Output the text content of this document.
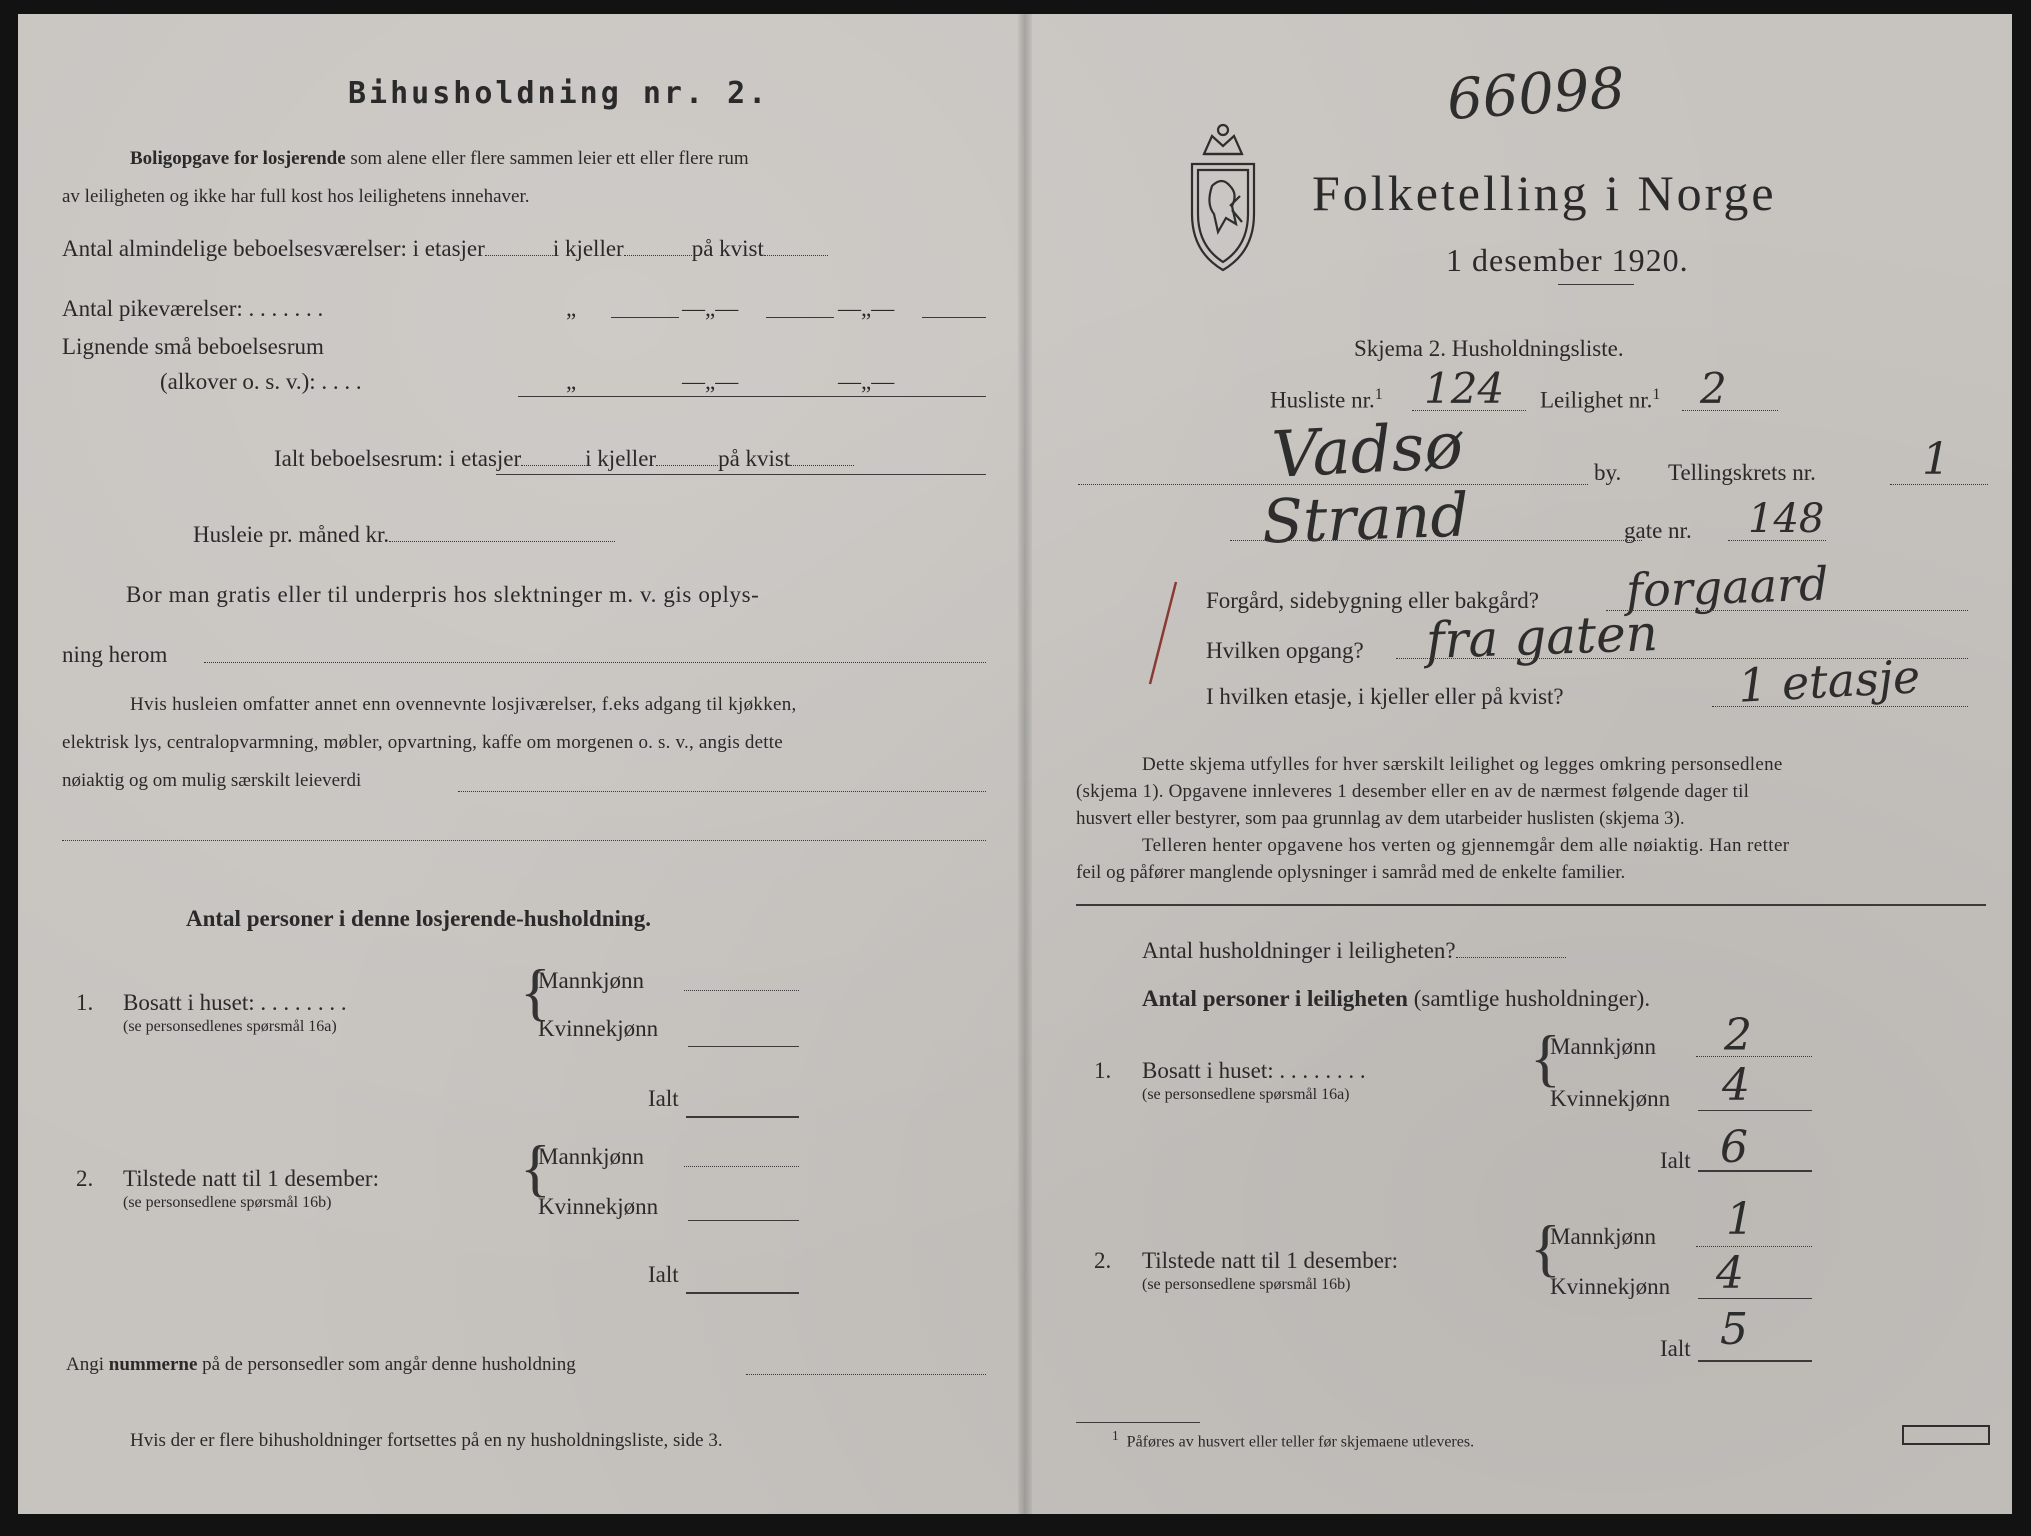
Bihusholdning nr. 2.
Boligopgave for losjerende som alene eller flere sammen leier ett eller flere rum
av leiligheten og ikke har full kost hos leilighetens innehaver.
Antal almindelige beboelsesværelser: i etasjer	i kjeller	på kvist
Antal pikeværelser: . . . . . . .	„	—„—	—„—
Lignende små beboelsesrum
(alkover o. s. v.): . . . .	„	—„—	—„—
Ialt beboelsesrum: i etasjer	i kjeller	på kvist
Husleie pr. måned kr.
Bor man gratis eller til underpris hos slektninger m. v. gis oplys-
ning herom
Hvis husleien omfatter annet enn ovennevnte losjiværelser, f.eks adgang til kjøkken,
elektrisk lys, centralopvarmning, møbler, opvartning, kaffe om morgenen o. s. v., angis dette
nøiaktig og om mulig særskilt leieverdi
Antal personer i denne losjerende-husholdning.
1. Bosatt i huset: . . . . . . . .
(se personsedlenes spørsmål 16a)	{
Mannkjønn
Kvinnekjønn
Ialt
2. Tilstede natt til 1 desember:
(se personsedlene spørsmål 16b)	{
Mannkjønn
Kvinnekjønn
Ialt
Angi nummerne på de personsedler som angår denne husholdning
Hvis der er flere bihusholdninger fortsettes på en ny husholdningsliste, side 3.
66098
Folketelling i Norge
1 desember 1920.
Skjema 2. Husholdningsliste.
Husliste nr.$^1$ 124 Leilighet nr.$^1$ 2
Vadsø	by. Tellingskrets nr. 1
Strand	gate nr. 148
Forgård, sidebygning eller bakgård? forgaard
Hvilken opgang? fra gaten
I hvilken etasje, i kjeller eller på kvist?	1 etasje
Dette skjema utfylles for hver særskilt leilighet og legges omkring personsedlene
(skjema 1). Opgavene innleveres 1 desember eller en av de nærmest følgende dager til
husvert eller bestyrer, som paa grunnlag av dem utarbeider huslisten (skjema 3).
Telleren henter opgavene hos verten og gjennemgår dem alle nøiaktig. Han retter
feil og påfører manglende oplysninger i samråd med de enkelte familier.
Antal husholdninger i leiligheten?
Antal personer i leiligheten (samtlige husholdninger).
1. Bosatt i huset: . . . . . . . .
(se personsedlene spørsmål 16a)
{
Mannkjønn 2
Kvinnekjønn 4
Ialt 6
2. Tilstede natt til 1 desember:
(se personsedlene spørsmål 16b)
{
Mannkjønn 1
Kvinnekjønn 4
Ialt 5
$^1$ Påføres av husvert eller teller før skjemaene utleveres.
